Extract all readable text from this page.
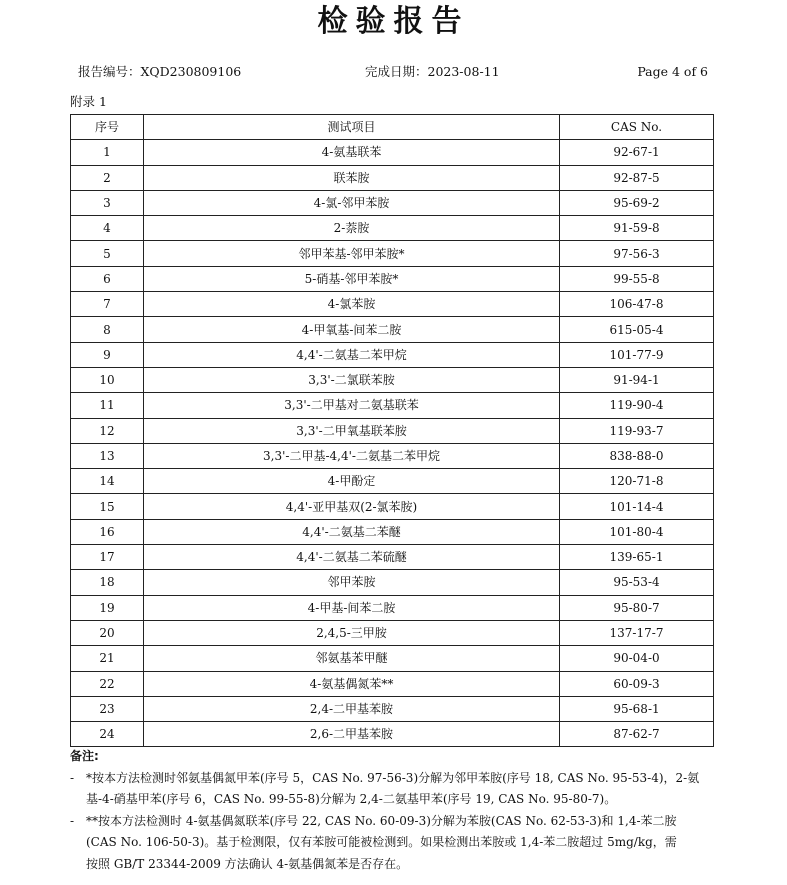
检验报告
报告编号：XQD230809106	完成日期：2023-08-11	Page 4 of 6
附录 1
序号	测试项目	CAS No.
1	4-氨基联苯	92-67-1
2	联苯胺	92-87-5
3	4-氯-邻甲苯胺	95-69-2
4	2-萘胺	91-59-8
5	邻甲苯基-邻甲苯胺*	97-56-3
6	5-硝基-邻甲苯胺*	99-55-8
7	4-氯苯胺	106-47-8
8	4-甲氧基-间苯二胺	615-05-4
9	4,4'-二氨基二苯甲烷	101-77-9
10	3,3'-二氯联苯胺	91-94-1
11	3,3'-二甲基对二氨基联苯	119-90-4
12	3,3'-二甲氧基联苯胺	119-93-7
13	3,3'-二甲基-4,4'-二氨基二苯甲烷	838-88-0
14	4-甲酚定	120-71-8
15	4,4'-亚甲基双(2-氯苯胺)	101-14-4
16	4,4'-二氨基二苯醚	101-80-4
17	4,4'-二氨基二苯硫醚	139-65-1
18	邻甲苯胺	95-53-4
19	4-甲基-间苯二胺	95-80-7
20	2,4,5-三甲胺	137-17-7
21	邻氨基苯甲醚	90-04-0
22	4-氨基偶氮苯**	60-09-3
23	2,4-二甲基苯胺	95-68-1
24	2,6-二甲基苯胺	87-62-7
备注:
- *按本方法检测时邻氨基偶氮甲苯(序号 5，CAS No. 97-56-3)分解为邻甲苯胺(序号 18, CAS No. 95-53-4)，2-氨
基-4-硝基甲苯(序号 6，CAS No. 99-55-8)分解为 2,4-二氨基甲苯(序号 19, CAS No. 95-80-7)。
- **按本方法检测时 4-氨基偶氮联苯(序号 22, CAS No. 60-09-3)分解为苯胺(CAS No. 62-53-3)和 1,4-苯二胺
(CAS No. 106-50-3)。基于检测限，仅有苯胺可能被检测到。如果检测出苯胺或 1,4-苯二胺超过 5mg/kg，需
按照 GB/T 23344-2009 方法确认 4-氨基偶氮苯是否存在。
